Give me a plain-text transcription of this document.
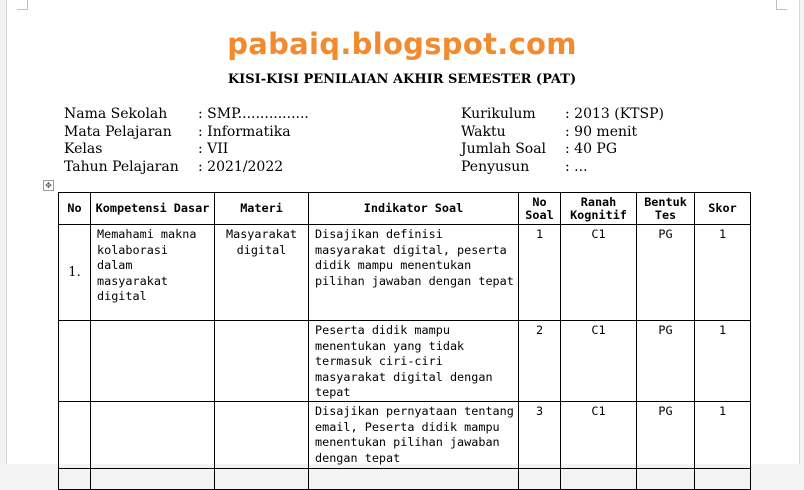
pabaiq.blogspot.com
KISI-KISI PENILAIAN AKHIR SEMESTER (PAT)
Nama Sekolah : SMP................
Mata Pelajaran : Informatika
Kelas	: VII
Tahun Pelajaran : 2021/2022
Kurikulum : 2013 (KTSP)
Waktu	: 90 menit
Jumlah Soal : 40 PG
Penyusun	: ...
✥
No	Kompetensi Dasar	Materi	Indikator Soal	No Soal	Ranah Kognitif	Bentuk Tes	Skor
1.	Memahami makna kolaborasi dalam masyarakat digital	Masyarakat digital	Disajikan definisi masyarakat digital, peserta didik mampu menentukan pilihan jawaban dengan tepat	1	C1	PG	1
			Peserta didik mampu menentukan yang tidak termasuk ciri-ciri masyarakat digital dengan tepat	2	C1	PG	1
			Disajikan pernyataan tentang email, Peserta didik mampu menentukan pilihan jawaban dengan tepat	3	C1	PG	1
